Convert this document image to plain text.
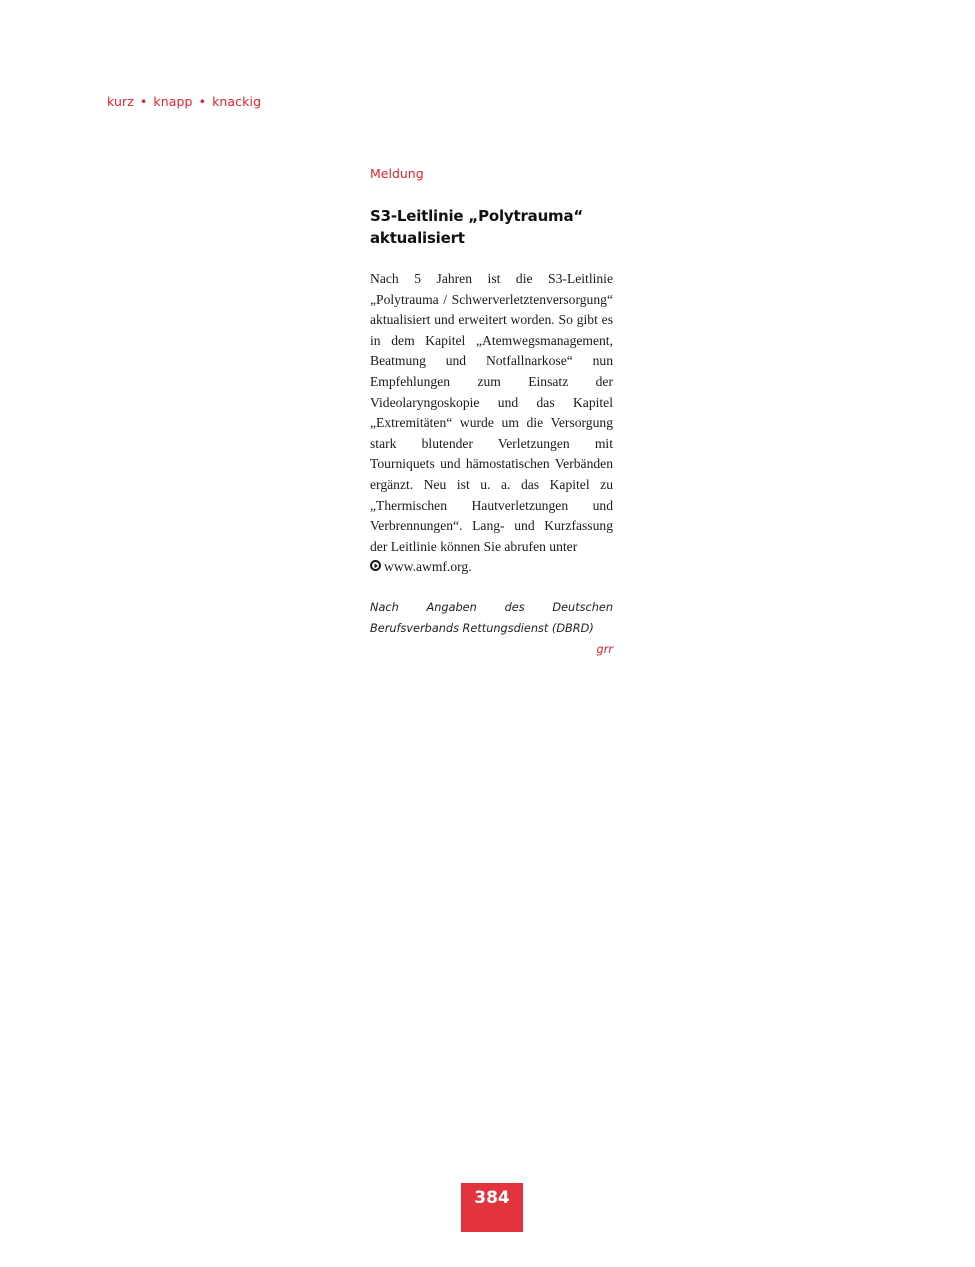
kurz • knapp • knackig

Meldung

S3-Leitlinie „Polytrauma“
aktualisiert

Nach 5 Jahren ist die S3-Leitlinie „Polytrauma / Schwerverletztenversorgung“ aktualisiert und erweitert worden. So gibt es in dem Kapitel „Atemwegsmanagement, Beatmung und Notfallnarkose“ nun Empfehlungen zum Einsatz der Videolaryngoskopie und das Kapitel „Extremitäten“ wurde um die Versorgung stark blutender Verletzungen mit Tourniquets und hämostatischen Verbänden ergänzt. Neu ist u. a. das Kapitel zu „Thermischen Hautverletzungen und Verbrennungen“. Lang- und Kurzfassung der Leitlinie können Sie abrufen unter
www.awmf.org.

Nach Angaben des Deutschen Berufsverbands Rettungsdienst (DBRD)

grr

384
